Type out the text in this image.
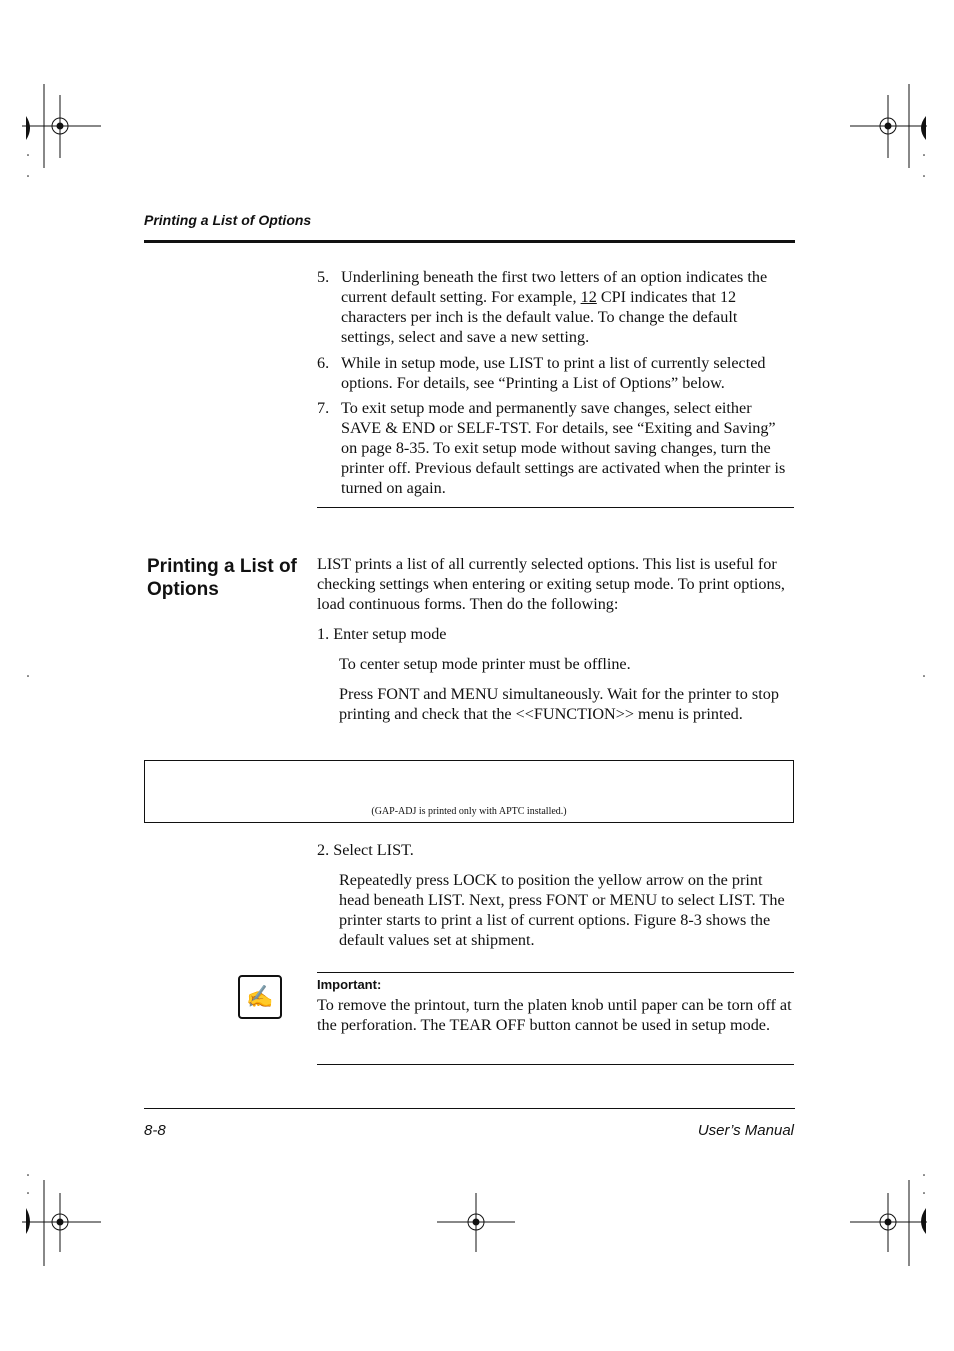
Printing a List of Options
5. Underlining beneath the first two letters of an option indicates the current default setting. For example, 12 CPI indicates that 12 characters per inch is the default value. To change the default settings, select and save a new setting.
6. While in setup mode, use LIST to print a list of currently selected options. For details, see “Printing a List of Options” below.
7. To exit setup mode and permanently save changes, select either SAVE & END or SELF-TST. For details, see “Exiting and Saving” on page 8-35. To exit setup mode without saving changes, turn the printer off. Previous default settings are activated when the printer is turned on again.
Printing a List of Options
LIST prints a list of all currently selected options. This list is useful for checking settings when entering or exiting setup mode. To print options, load continuous forms. Then do the following:
1. Enter setup mode
To center setup mode printer must be offline.
Press FONT and MENU simultaneously. Wait for the printer to stop printing and check that the <<FUNCTION>> menu is printed.
(GAP-ADJ is printed only with APTC installed.)
2. Select LIST.
Repeatedly press LOCK to position the yellow arrow on the print head beneath LIST. Next, press FONT or MENU to select LIST. The printer starts to print a list of current options. Figure 8-3 shows the default values set at shipment.
✍	Important:
To remove the printout, turn the platen knob until paper can be torn off at the perforation. The TEAR OFF button cannot be used in setup mode.
8-8	User’s Manual
